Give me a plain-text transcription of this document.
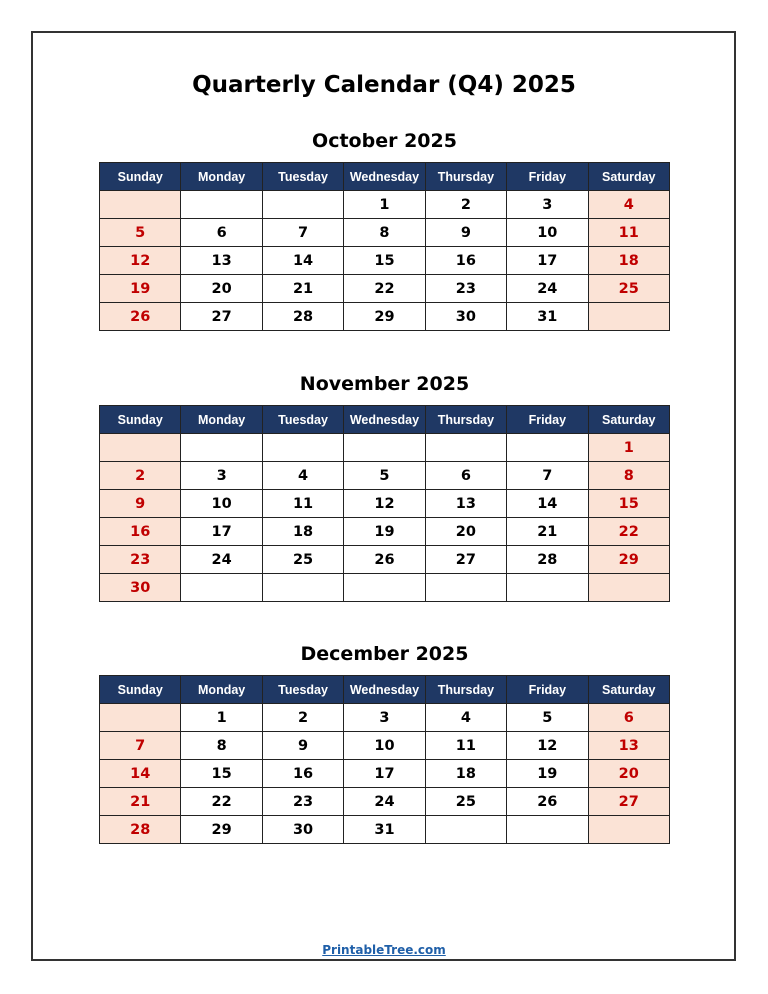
Quarterly Calendar (Q4) 2025
October 2025
Sunday	Monday	Tuesday	Wednesday	Thursday	Friday	Saturday
			1	2	3	4
5	6	7	8	9	10	11
12	13	14	15	16	17	18
19	20	21	22	23	24	25
26	27	28	29	30	31	
November 2025
Sunday	Monday	Tuesday	Wednesday	Thursday	Friday	Saturday
						1
2	3	4	5	6	7	8
9	10	11	12	13	14	15
16	17	18	19	20	21	22
23	24	25	26	27	28	29
30						
December 2025
Sunday	Monday	Tuesday	Wednesday	Thursday	Friday	Saturday
	1	2	3	4	5	6
7	8	9	10	11	12	13
14	15	16	17	18	19	20
21	22	23	24	25	26	27
28	29	30	31			
PrintableTree.com
